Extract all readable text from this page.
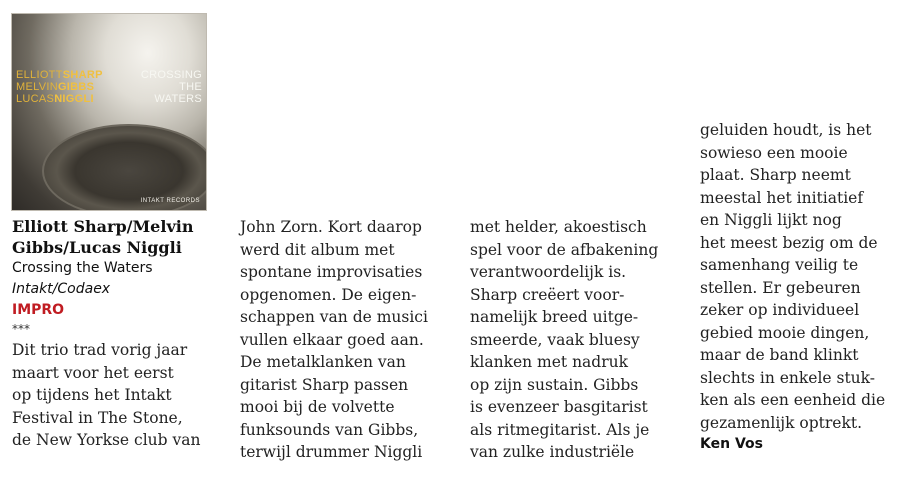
ELLIOTTSHARP
MELVINGIBBS
LUCASNIGGLI
CROSSING
THE
WATERS
INTAKT RECORDS
Elliott Sharp/Melvin
Gibbs/Lucas Niggli
Crossing the Waters
Intakt/Codaex
IMPRO
***

Dit trio trad vorig jaar

maart voor het eerst

op tijdens het Intakt

Festival in The Stone,

de New Yorkse club van

John Zorn. Kort daarop

werd dit album met

spontane improvisaties

opgenomen. De eigen-

schappen van de musici

vullen elkaar goed aan.

De metalklanken van

gitarist Sharp passen

mooi bij de volvette

funksounds van Gibbs,

terwijl drummer Niggli

met helder, akoestisch

spel voor de afbakening

verantwoordelijk is.

Sharp creëert voor-

namelijk breed uitge-

smeerde, vaak bluesy

klanken met nadruk

op zijn sustain. Gibbs

is evenzeer basgitarist

als ritmegitarist. Als je

van zulke industriële

geluiden houdt, is het

sowieso een mooie

plaat. Sharp neemt

meestal het initiatief

en Niggli lijkt nog

het meest bezig om de

samenhang veilig te

stellen. Er gebeuren

zeker op individueel

gebied mooie dingen,

maar de band klinkt

slechts in enkele stuk-

ken als een eenheid die

gezamenlijk optrekt.

Ken Vos
